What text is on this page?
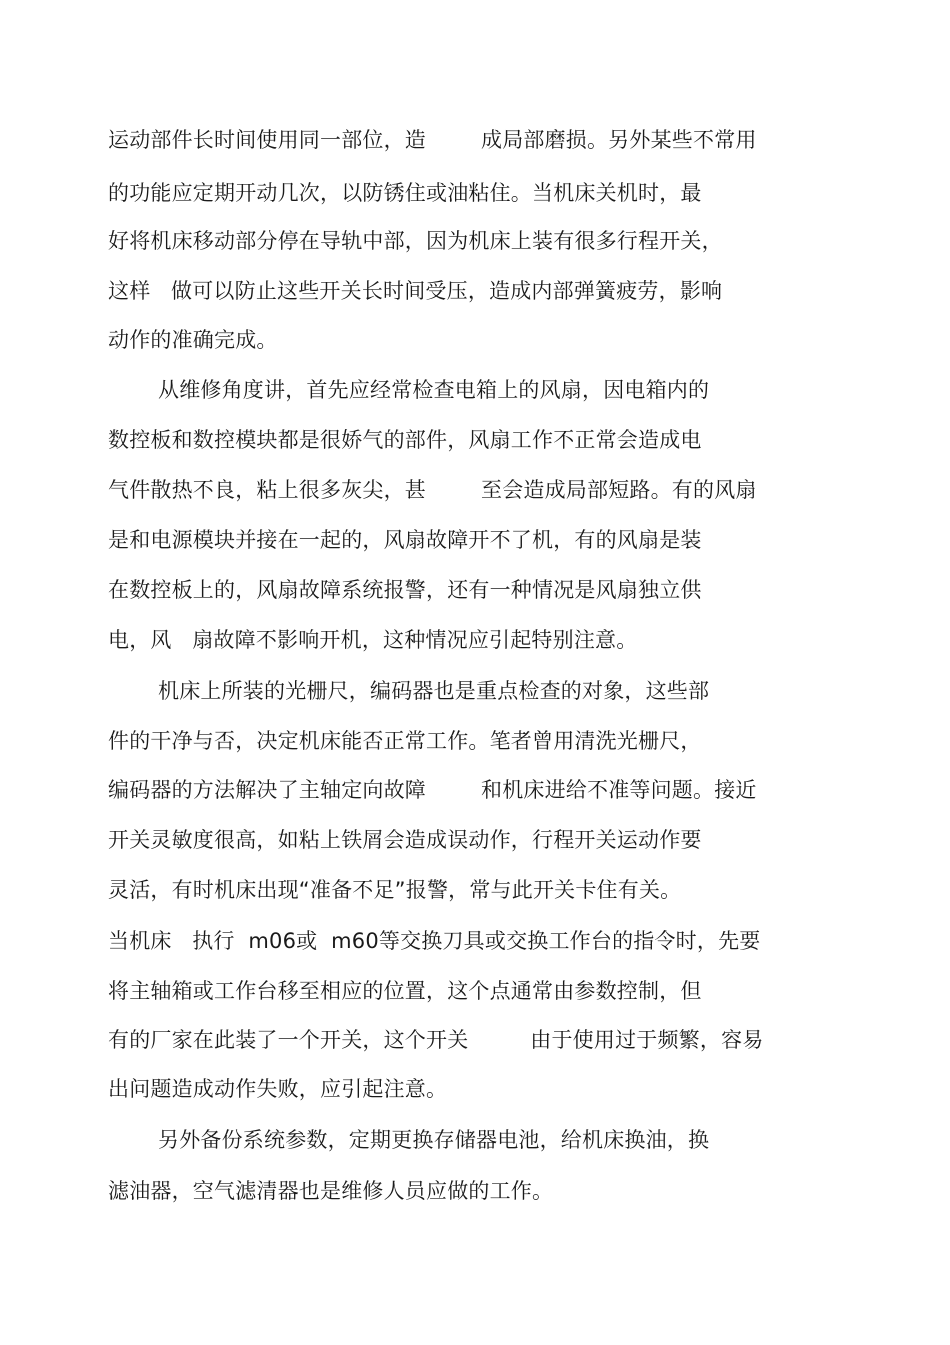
运动部件长时间使用同一部位，造        成局部磨损。另外某些不常用
的功能应定期开动几次，以防锈住或油粘住。当机床关机时，最
好将机床移动部分停在导轨中部，因为机床上装有很多行程开关，
这样   做可以防止这些开关长时间受压，造成内部弹簧疲劳，影响
动作的准确完成。
从维修角度讲，首先应经常检查电箱上的风扇，因电箱内的
数控板和数控模块都是很娇气的部件，风扇工作不正常会造成电
气件散热不良，粘上很多灰尖，甚        至会造成局部短路。有的风扇
是和电源模块并接在一起的，风扇故障开不了机，有的风扇是装
在数控板上的，风扇故障系统报警，还有一种情况是风扇独立供
电，风   扇故障不影响开机，这种情况应引起特别注意。
机床上所装的光栅尺，编码器也是重点检查的对象，这些部
件的干净与否，决定机床能否正常工作。笔者曾用清洗光栅尺，
编码器的方法解决了主轴定向故障        和机床进给不准等问题。接近
开关灵敏度很高，如粘上铁屑会造成误动作，行程开关运动作要
灵活，有时机床出现“准备不足”报警，常与此开关卡住有关。
当机床   执行  m06或  m60等交换刀具或交换工作台的指令时，先要
将主轴箱或工作台移至相应的位置，这个点通常由参数控制，但
有的厂家在此装了一个开关，这个开关         由于使用过于频繁，容易
出问题造成动作失败，应引起注意。
另外备份系统参数，定期更换存储器电池，给机床换油，换
滤油器，空气滤清器也是维修人员应做的工作。
